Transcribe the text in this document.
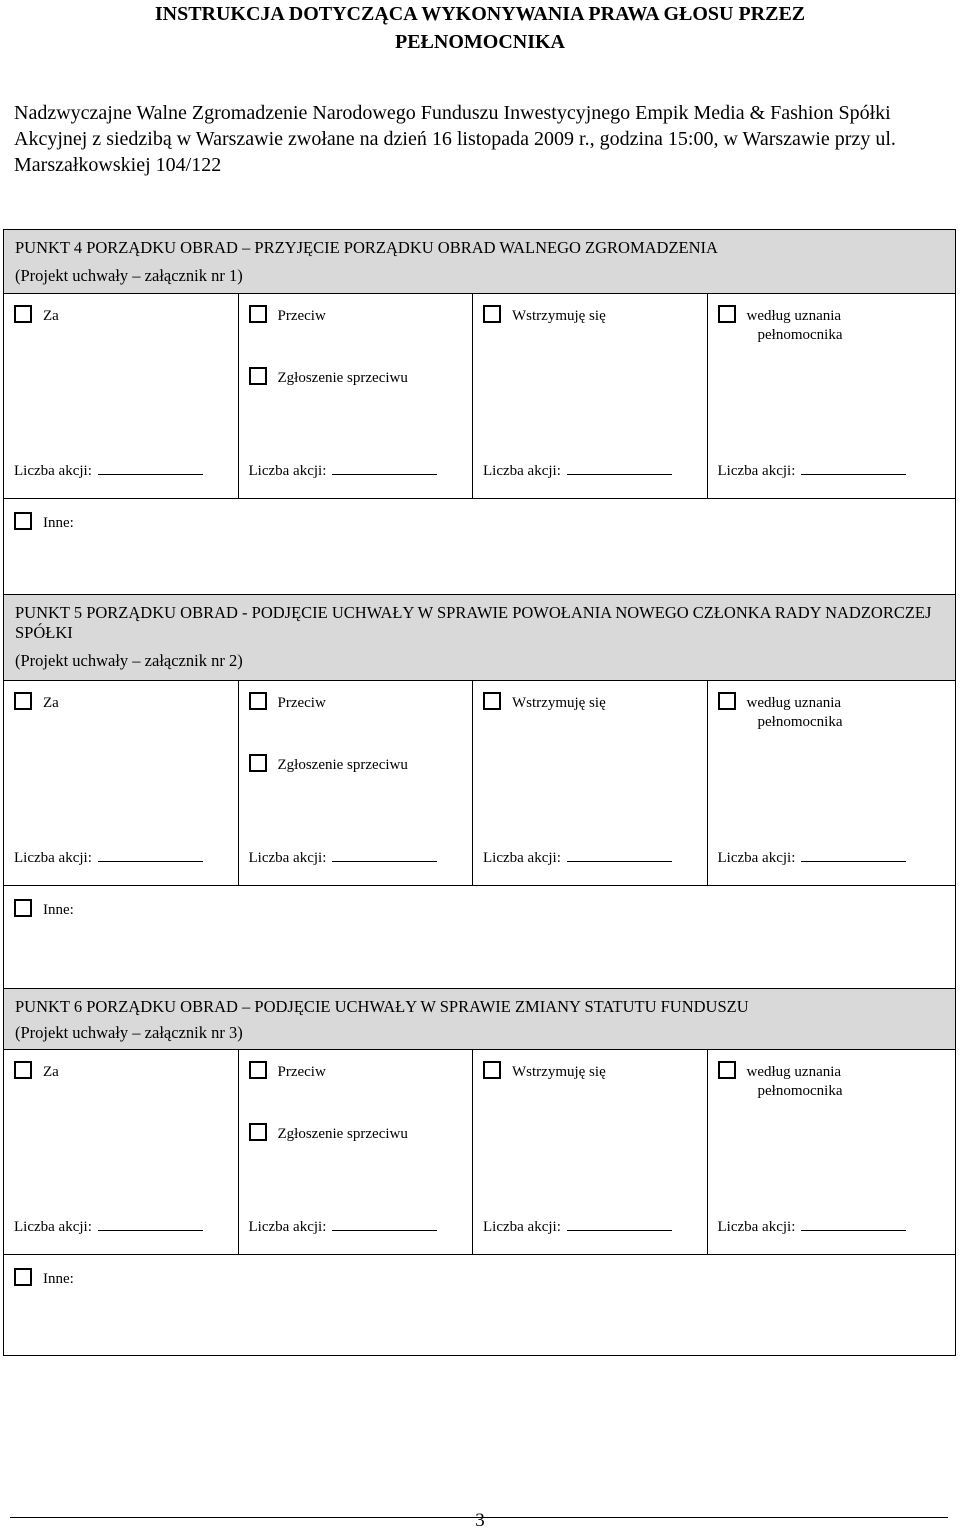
INSTRUKCJA DOTYCZĄCA WYKONYWANIA PRAWA GŁOSU PRZEZ
PEŁNOMOCNIKA
Nadzwyczajne Walne Zgromadzenie Narodowego Funduszu Inwestycyjnego Empik Media & Fashion Spółki Akcyjnej z siedzibą w Warszawie zwołane na dzień 16 listopada 2009 r., godzina 15:00, w Warszawie przy ul. Marszałkowskiej 104/122
PUNKT 4 PORZĄDKU OBRAD – PRZYJĘCIE PORZĄDKU OBRAD WALNEGO ZGROMADZENIA
(Projekt uchwały – załącznik nr 1)
Za
Liczba akcji:
Przeciw
Zgłoszenie sprzeciwu
Liczba akcji:
Wstrzymuję się
Liczba akcji:
według uznania
pełnomocnika
Liczba akcji:
Inne:
PUNKT 5 PORZĄDKU OBRAD - PODJĘCIE UCHWAŁY W SPRAWIE POWOŁANIA NOWEGO CZŁONKA RADY NADZORCZEJ SPÓŁKI
(Projekt uchwały – załącznik nr 2)
Za
Liczba akcji:
Przeciw
Zgłoszenie sprzeciwu
Liczba akcji:
Wstrzymuję się
Liczba akcji:
według uznania
pełnomocnika
Liczba akcji:
Inne:
PUNKT 6 PORZĄDKU OBRAD – PODJĘCIE UCHWAŁY W SPRAWIE ZMIANY STATUTU FUNDUSZU
(Projekt uchwały – załącznik nr 3)
Za
Liczba akcji:
Przeciw
Zgłoszenie sprzeciwu
Liczba akcji:
Wstrzymuję się
Liczba akcji:
według uznania
pełnomocnika
Liczba akcji:
Inne:
3
